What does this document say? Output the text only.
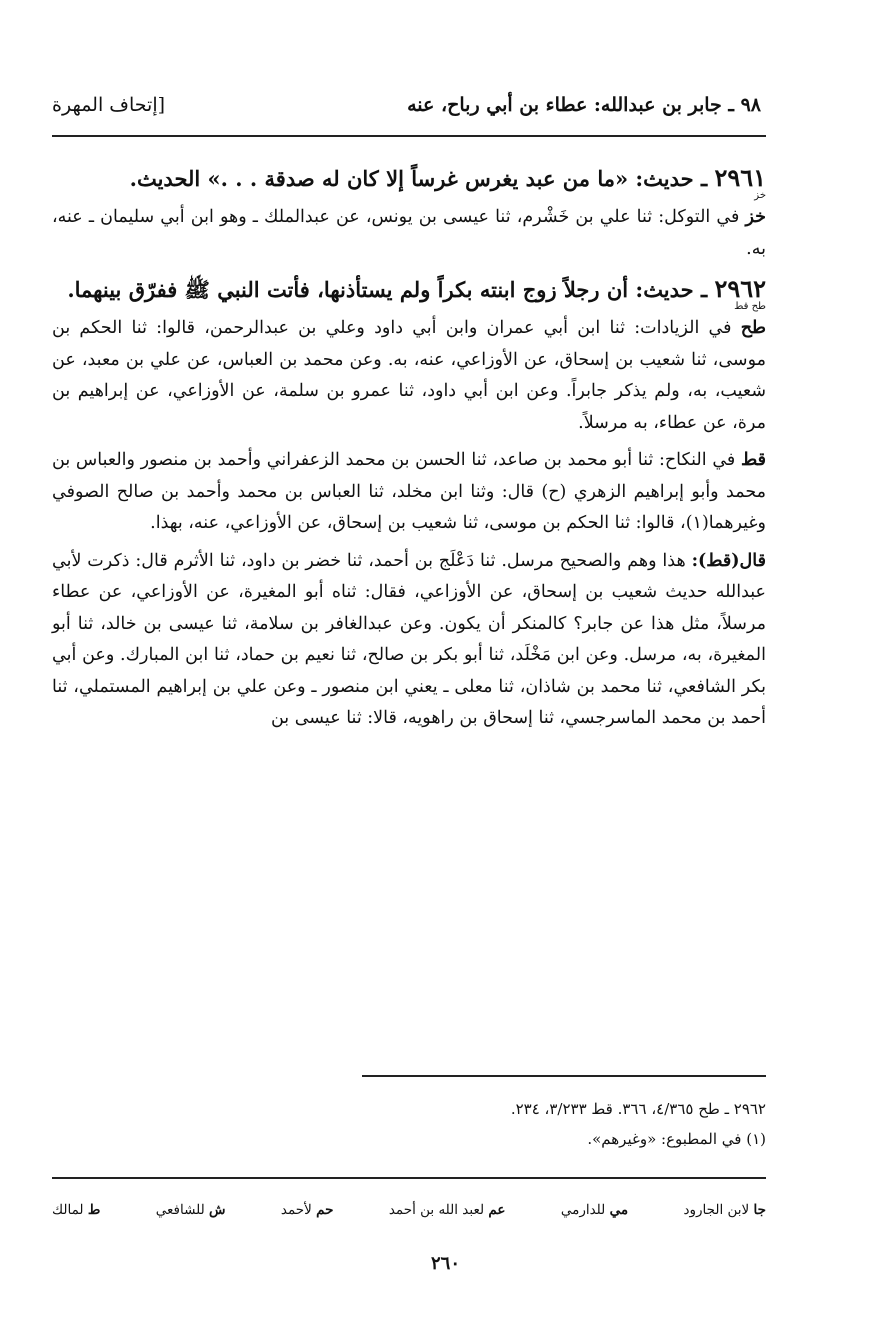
٩٨ ـ جابر بن عبدالله: عطاء بن أبي رباح، عنه
[إتحاف المهرة
٢٩٦١ ـ حديث: «ما من عبد يغرس غرساً إلا كان له صدقة . . .» الحديث.
خز

خز في التوكل: ثنا علي بن خَشْرم، ثنا عيسى بن يونس، عن عبدالملك ـ وهو ابن أبي سليمان ـ عنه، به.

٢٩٦٢ ـ حديث: أن رجلاً زوج ابنته بكراً ولم يستأذنها، فأتت النبي ﷺ ففرّق بينهما.
طح قط

طح في الزيادات: ثنا ابن أبي عمران وابن أبي داود وعلي بن عبدالرحمن، قالوا: ثنا الحكم بن موسى، ثنا شعيب بن إسحاق، عن الأوزاعي، عنه، به. وعن محمد بن العباس، عن علي بن معبد، عن شعيب، به، ولم يذكر جابراً. وعن ابن أبي داود، ثنا عمرو بن سلمة، عن الأوزاعي، عن إبراهيم بن مرة، عن عطاء، به مرسلاً.

قط في النكاح: ثنا أبو محمد بن صاعد، ثنا الحسن بن محمد الزعفراني وأحمد بن منصور والعباس بن محمد وأبو إبراهيم الزهري (ح) قال: وثنا ابن مخلد، ثنا العباس بن محمد وأحمد بن صالح الصوفي وغيرهما(١)، قالوا: ثنا الحكم بن موسى، ثنا شعيب بن إسحاق، عن الأوزاعي، عنه، بهذا.

قال(قط): هذا وهم والصحيح مرسل. ثنا دَعْلَج بن أحمد، ثنا خضر بن داود، ثنا الأثرم قال: ذكرت لأبي عبدالله حديث شعيب بن إسحاق، عن الأوزاعي، فقال: ثناه أبو المغيرة، عن الأوزاعي، عن عطاء مرسلاً، مثل هذا عن جابر؟ كالمنكر أن يكون. وعن عبدالغافر بن سلامة، ثنا عيسى بن خالد، ثنا أبو المغيرة، به، مرسل. وعن ابن مَخْلَد، ثنا أبو بكر بن صالح، ثنا نعيم بن حماد، ثنا ابن المبارك. وعن أبي بكر الشافعي، ثنا محمد بن شاذان، ثنا معلى ـ يعني ابن منصور ـ وعن علي بن إبراهيم المستملي، ثنا أحمد بن محمد الماسرجسي، ثنا إسحاق بن راهويه، قالا: ثنا عيسى بن

٢٩٦٢ ـ طح ٤/٣٦٥، ٣٦٦. قط ٣/٢٣٣، ٢٣٤.
(١) في المطبوع: «وغيرهم».
ط لمالك	ش للشافعي	حم لأحمد	عم لعبد الله بن أحمد	مي للدارمي	جا لابن الجارود
٢٦٠
